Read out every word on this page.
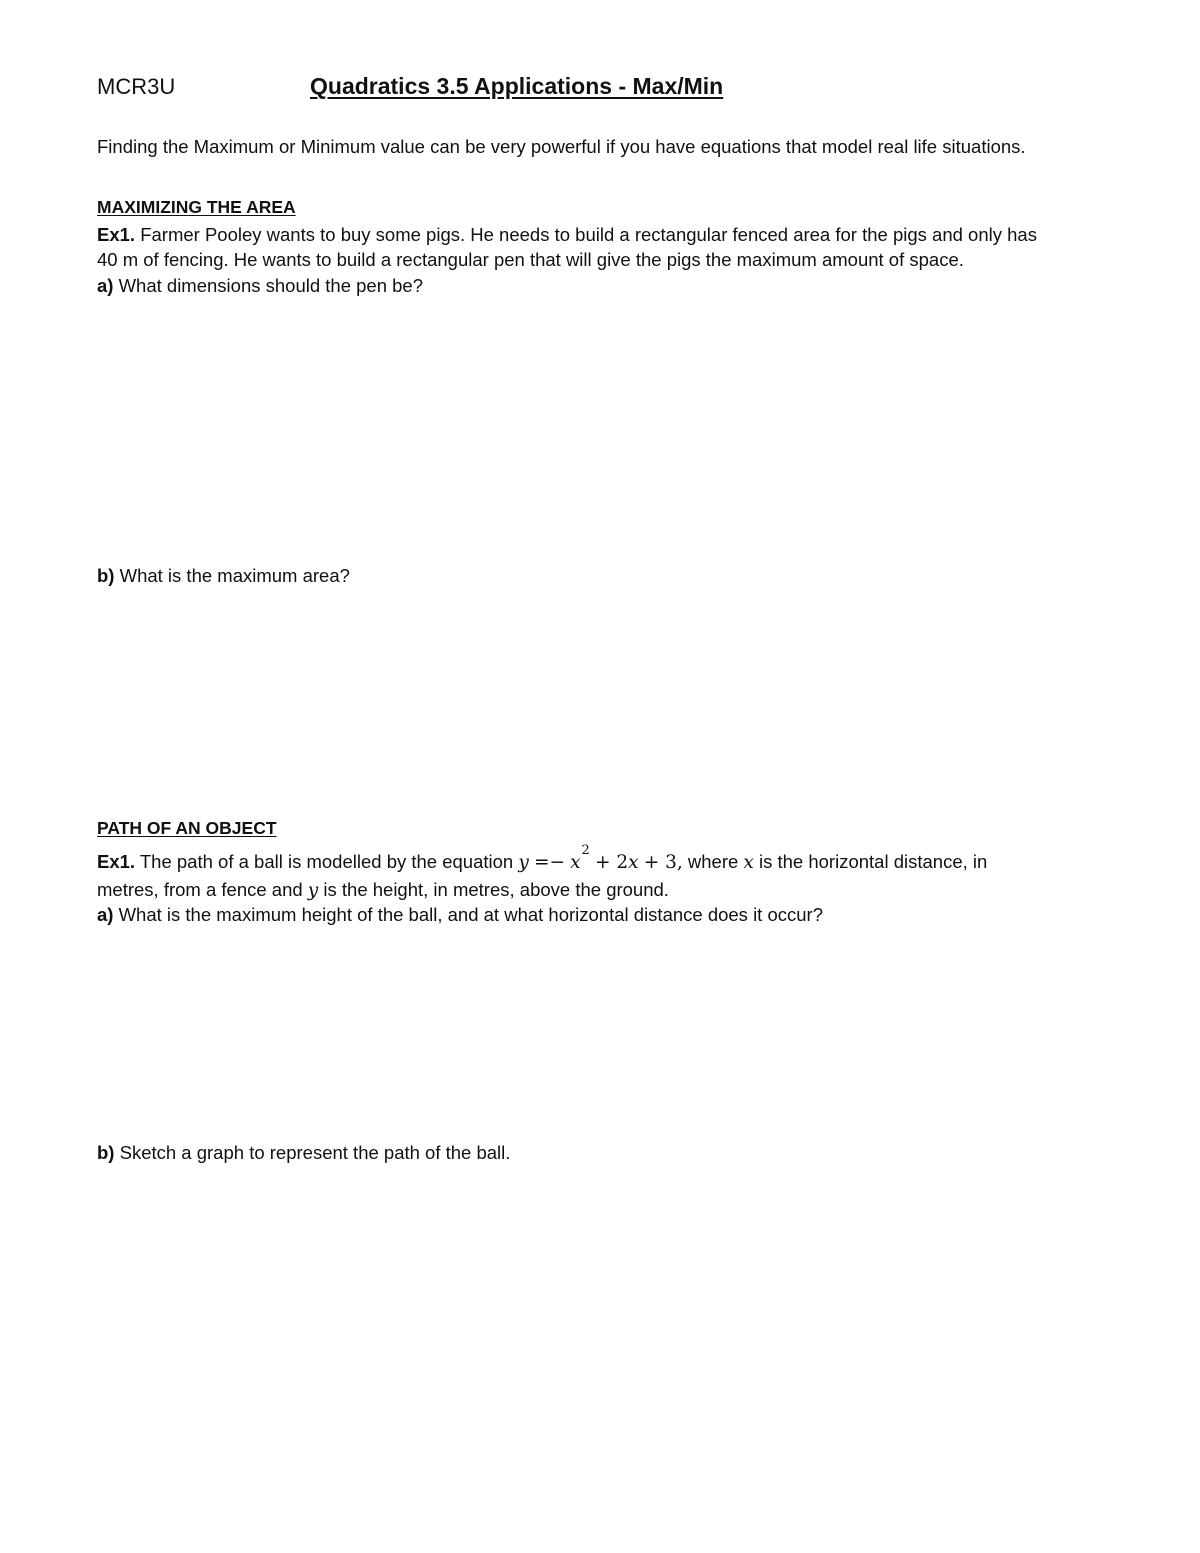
MCR3U	Quadratics 3.5 Applications - Max/Min
Finding the Maximum or Minimum value can be very powerful if you have equations that model real life situations.
MAXIMIZING THE AREA
Ex1. Farmer Pooley wants to buy some pigs. He needs to build a rectangular fenced area for the pigs and only has
40 m of fencing. He wants to build a rectangular pen that will give the pigs the maximum amount of space.
a) What dimensions should the pen be?
b) What is the maximum area?
PATH OF AN OBJECT
Ex1. The path of a ball is modelled by the equation $y =- x^2 + 2x + 3$, where x is the horizontal distance, in
metres, from a fence and y is the height, in metres, above the ground.
a) What is the maximum height of the ball, and at what horizontal distance does it occur?
b) Sketch a graph to represent the path of the ball.
